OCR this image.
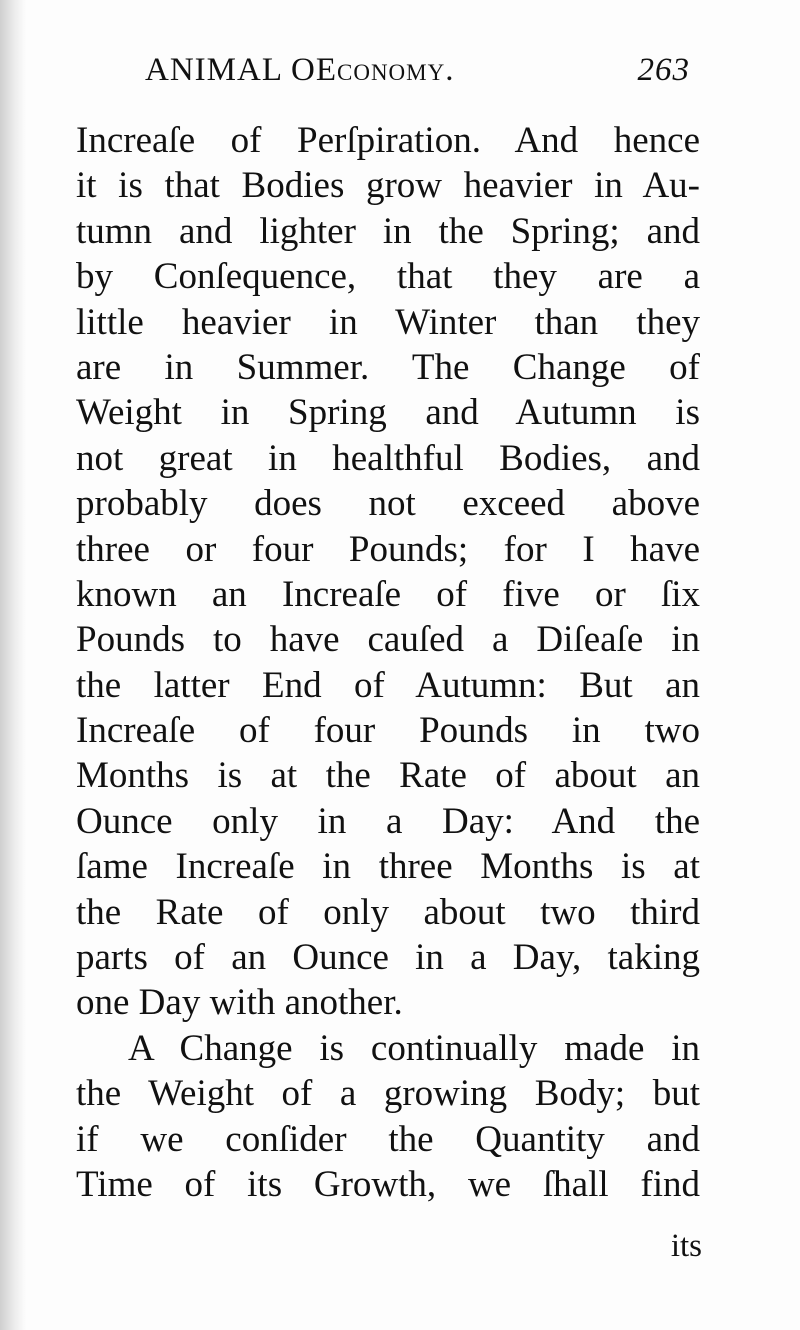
ANIMAL OEconomy.	263
Increaſe of Perſpiration. And hence
it is that Bodies grow heavier in Au-
tumn and lighter in the Spring; and
by Conſequence, that they are a
little heavier in Winter than they
are in Summer. The Change of
Weight in Spring and Autumn is
not great in healthful Bodies, and
probably does not exceed above
three or four Pounds; for I have
known an Increaſe of five or ſix
Pounds to have cauſed a Diſeaſe in
the latter End of Autumn: But an
Increaſe of four Pounds in two
Months is at the Rate of about an
Ounce only in a Day: And the
ſame Increaſe in three Months is at
the Rate of only about two third
parts of an Ounce in a Day, taking
one Day with another.
A Change is continually made in
the Weight of a growing Body; but
if we conſider the Quantity and
Time of its Growth, we ſhall find
its
